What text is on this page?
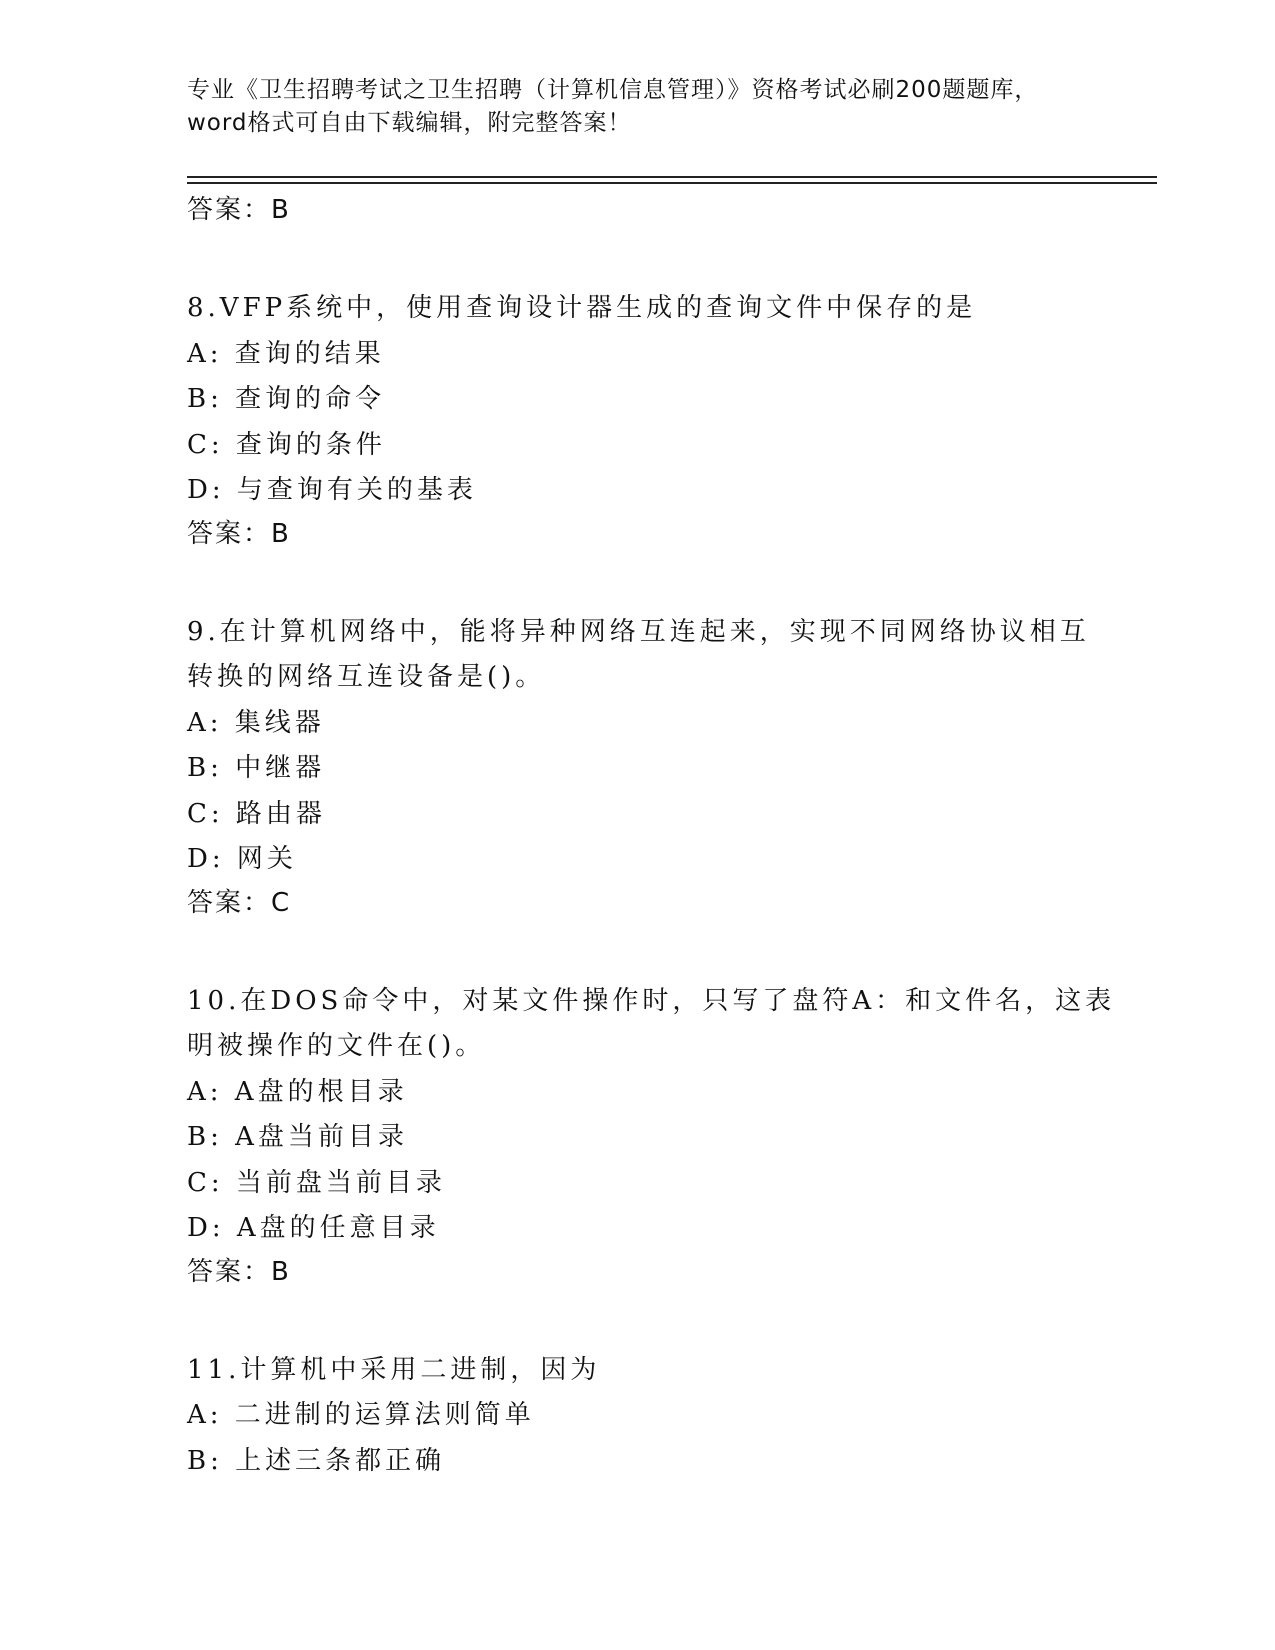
专业《卫生招聘考试之卫生招聘（计算机信息管理）》资格考试必刷200题题库，

word格式可自由下载编辑，附完整答案！

答案：B

8.VFP系统中，使用查询设计器生成的查询文件中保存的是

A: 查询的结果

B: 查询的命令

C: 查询的条件

D: 与查询有关的基表

答案：B

9.在计算机网络中，能将异种网络互连起来，实现不同网络协议相互

转换的网络互连设备是()。

A: 集线器

B: 中继器

C: 路由器

D: 网关

答案：C

10.在DOS命令中，对某文件操作时，只写了盘符A：和文件名，这表

明被操作的文件在()。

A: A盘的根目录

B: A盘当前目录

C: 当前盘当前目录

D: A盘的任意目录

答案：B

11.计算机中采用二进制，因为

A: 二进制的运算法则简单

B: 上述三条都正确
